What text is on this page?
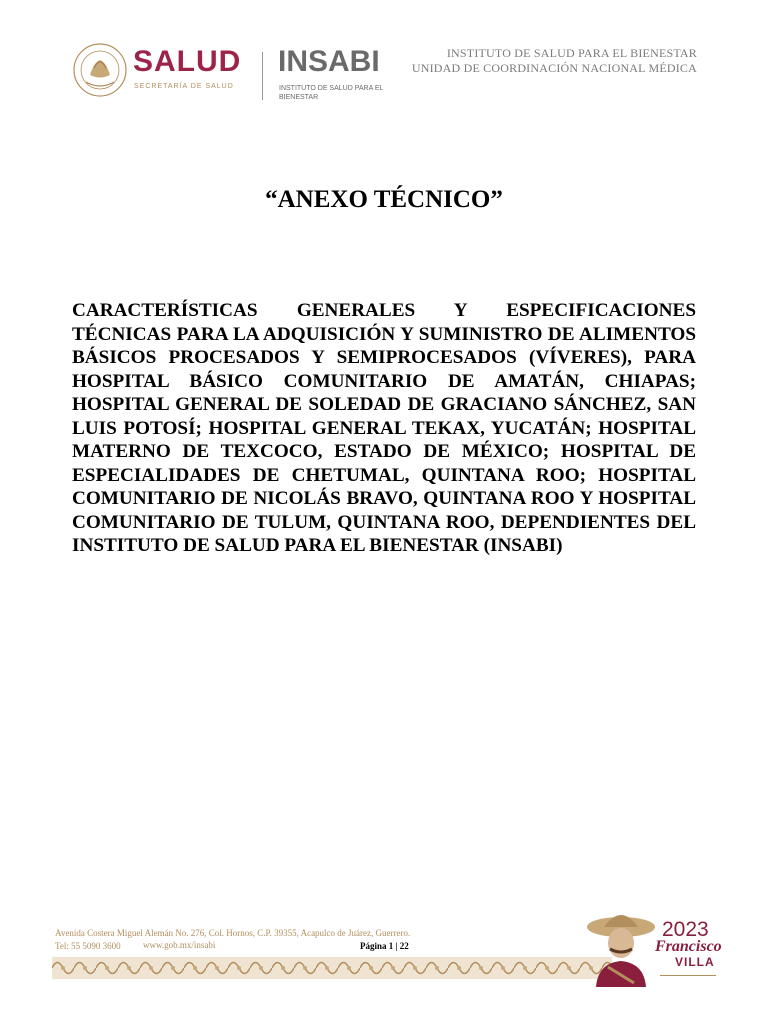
SALUD
SECRETARÍA DE SALUD
INSABI
INSTITUTO DE SALUD PARA EL BIENESTAR
INSTITUTO DE SALUD PARA EL BIENESTAR
UNIDAD DE COORDINACIÓN NACIONAL MÉDICA
“ANEXO TÉCNICO”

CARACTERÍSTICAS GENERALES Y ESPECIFICACIONES TÉCNICAS PARA LA ADQUISICIÓN Y SUMINISTRO DE ALIMENTOS BÁSICOS PROCESADOS Y SEMIPROCESADOS (VÍVERES), PARA HOSPITAL BÁSICO COMUNITARIO DE AMATÁN, CHIAPAS; HOSPITAL GENERAL DE SOLEDAD DE GRACIANO SÁNCHEZ, SAN LUIS POTOSÍ; HOSPITAL GENERAL TEKAX, YUCATÁN; HOSPITAL MATERNO DE TEXCOCO, ESTADO DE MÉXICO; HOSPITAL DE ESPECIALIDADES DE CHETUMAL, QUINTANA ROO; HOSPITAL COMUNITARIO DE NICOLÁS BRAVO, QUINTANA ROO Y HOSPITAL COMUNITARIO DE TULUM, QUINTANA ROO, DEPENDIENTES DEL INSTITUTO DE SALUD PARA EL BIENESTAR (INSABI)

Avenida Costera Miguel Alemán No. 276, Col. Hornos, C.P. 39355, Acapulco de Juárez, Guerrero.
Tel: 55 5090 3600	www.gob.mx/insabi	Página 1 | 22
2023
Francisco
VILLA
